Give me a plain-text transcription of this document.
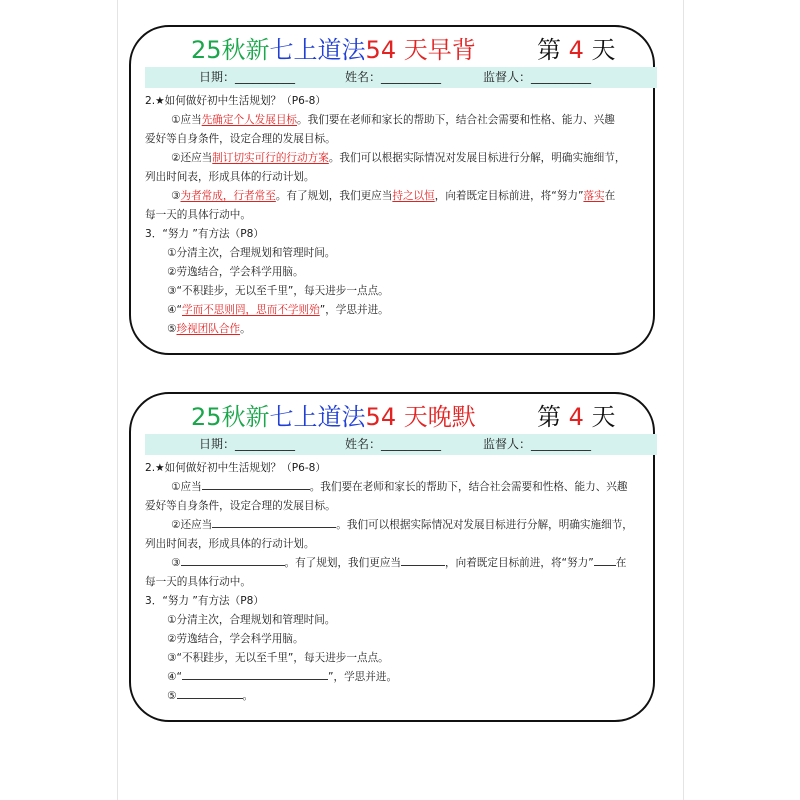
25秋新七上道法54 天早背	第 4 天
日期：__________	姓名：__________	监督人：__________
2.★如何做好初中生活规划？（P6-8）
①应当先确定个人发展目标。我们要在老师和家长的帮助下，结合社会需要和性格、能力、兴趣
爱好等自身条件，设定合理的发展目标。
②还应当制订切实可行的行动方案。我们可以根据实际情况对发展目标进行分解，明确实施细节，
列出时间表，形成具体的行动计划。
③为者常成，行者常至。有了规划，我们更应当持之以恒，向着既定目标前进，将“努力”落实在
每一天的具体行动中。
3．“努力 ”有方法（P8）
①分清主次，合理规划和管理时间。
②劳逸结合，学会科学用脑。
③“不积跬步，无以至千里”，每天进步一点点。
④“学而不思则罔，思而不学则殆”，学思并进。
⑤珍视团队合作。
25秋新七上道法54 天晚默	第 4 天
日期：__________	姓名：__________	监督人：__________
2.★如何做好初中生活规划？（P6-8）
①应当	。我们要在老师和家长的帮助下，结合社会需要和性格、能力、兴趣
爱好等自身条件，设定合理的发展目标。
②还应当	。我们可以根据实际情况对发展目标进行分解，明确实施细节，
列出时间表，形成具体的行动计划。
③	。有了规划，我们更应当	，向着既定目标前进，将“努力” 在
每一天的具体行动中。
3．“努力 ”有方法（P8）
①分清主次，合理规划和管理时间。
②劳逸结合，学会科学用脑。
③“不积跬步，无以至千里”，每天进步一点点。
④“	”，学思并进。
⑤	。
